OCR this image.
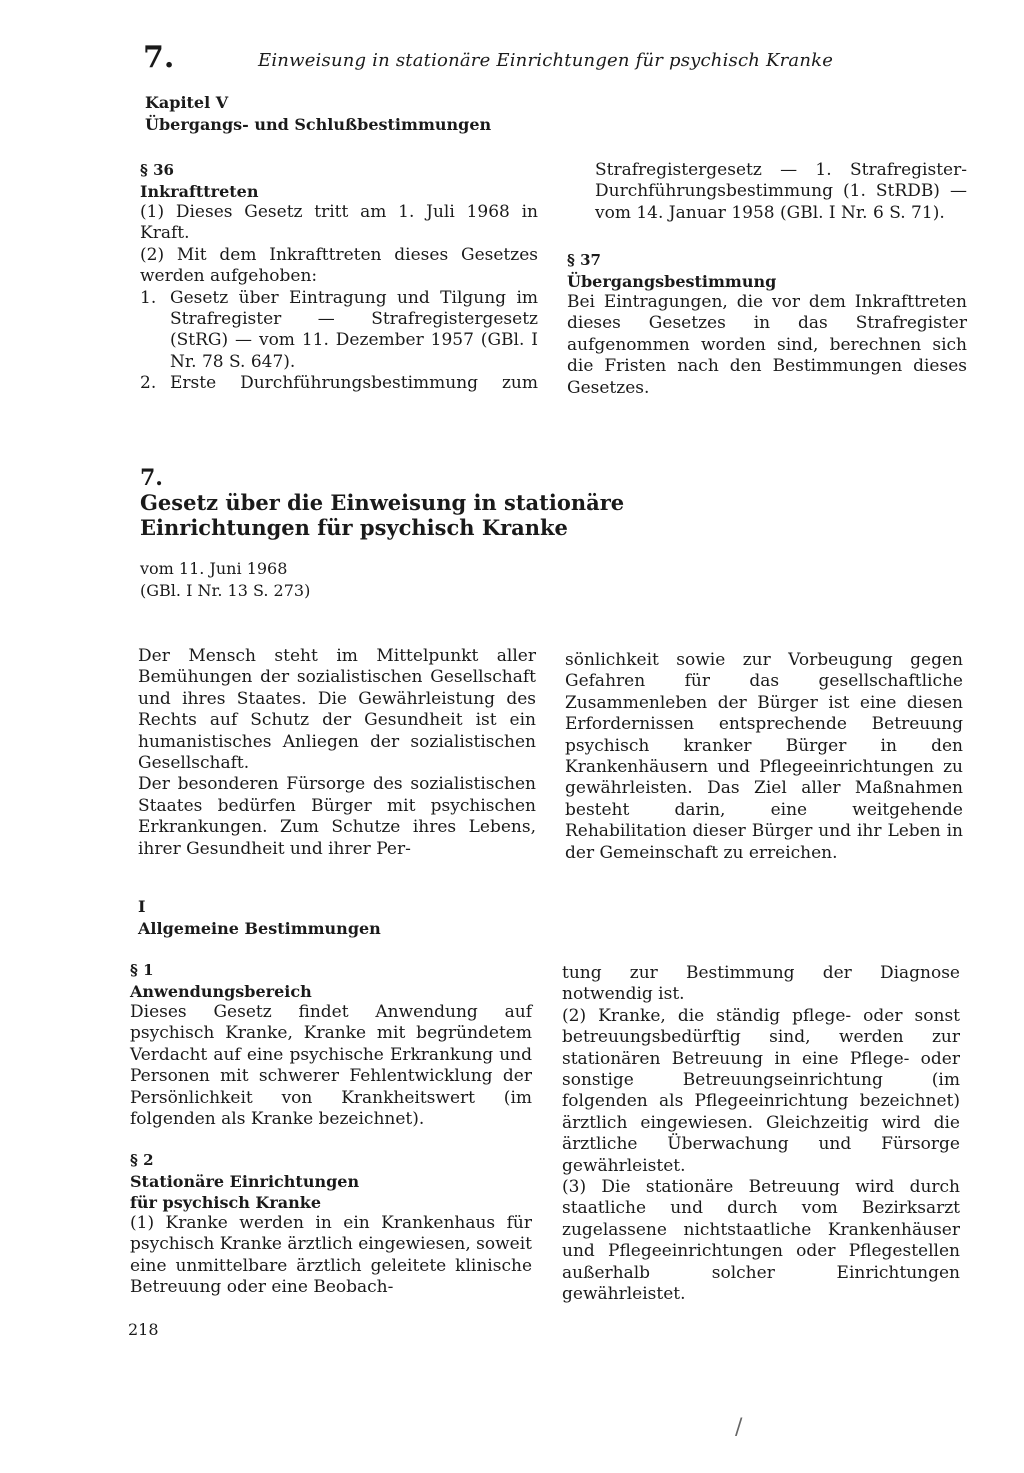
7.	Einweisung in stationäre Einrichtungen für psychisch Kranke
Kapitel V
Übergangs- und Schlußbestimmungen
§ 36
Inkrafttreten
(1) Dieses Gesetz tritt am 1. Juli 1968 in Kraft.
(2) Mit dem Inkrafttreten dieses Gesetzes werden aufgehoben:
1. Gesetz über Eintragung und Tilgung im Strafregister — Strafregistergesetz (StRG) — vom 11. Dezember 1957 (GBl. I Nr. 78 S. 647).
2. Erste Durchführungsbestimmung zum
Strafregistergesetz — 1. Strafregister-Durchführungsbestimmung (1. StRDB) — vom 14. Januar 1958 (GBl. I Nr. 6 S. 71).
§ 37
Übergangsbestimmung
Bei Eintragungen, die vor dem Inkrafttreten dieses Gesetzes in das Strafregister aufgenommen worden sind, berechnen sich die Fristen nach den Bestimmungen dieses Gesetzes.
7.
Gesetz über die Einweisung in stationäre Einrichtungen für psychisch Kranke
vom 11. Juni 1968
(GBl. I Nr. 13 S. 273)
Der Mensch steht im Mittelpunkt aller Bemühungen der sozialistischen Gesellschaft und ihres Staates. Die Gewährleistung des Rechts auf Schutz der Gesundheit ist ein humanistisches Anliegen der sozialistischen Gesellschaft.
Der besonderen Fürsorge des sozialistischen Staates bedürfen Bürger mit psychischen Erkrankungen. Zum Schutze ihres Lebens, ihrer Gesundheit und ihrer Per-
sönlichkeit sowie zur Vorbeugung gegen Gefahren für das gesellschaftliche Zusammenleben der Bürger ist eine diesen Erfordernissen entsprechende Betreuung psychisch kranker Bürger in den Krankenhäusern und Pflegeeinrichtungen zu gewährleisten. Das Ziel aller Maßnahmen besteht darin, eine weitgehende Rehabilitation dieser Bürger und ihr Leben in der Gemeinschaft zu erreichen.
I
Allgemeine Bestimmungen
§ 1
Anwendungsbereich
Dieses Gesetz findet Anwendung auf psychisch Kranke, Kranke mit begründetem Verdacht auf eine psychische Erkrankung und Personen mit schwerer Fehlentwicklung der Persönlichkeit von Krankheitswert (im folgenden als Kranke bezeichnet).
§ 2
Stationäre Einrichtungen
für psychisch Kranke
(1) Kranke werden in ein Krankenhaus für psychisch Kranke ärztlich eingewiesen, soweit eine unmittelbare ärztlich geleitete klinische Betreuung oder eine Beobach-
tung zur Bestimmung der Diagnose notwendig ist.
(2) Kranke, die ständig pflege- oder sonst betreuungsbedürftig sind, werden zur stationären Betreuung in eine Pflege- oder sonstige Betreuungseinrichtung (im folgenden als Pflegeeinrichtung bezeichnet) ärztlich eingewiesen. Gleichzeitig wird die ärztliche Überwachung und Fürsorge gewährleistet.
(3) Die stationäre Betreuung wird durch staatliche und durch vom Bezirksarzt zugelassene nichtstaatliche Krankenhäuser und Pflegeeinrichtungen oder Pflegestellen außerhalb solcher Einrichtungen gewährleistet.
218
/
